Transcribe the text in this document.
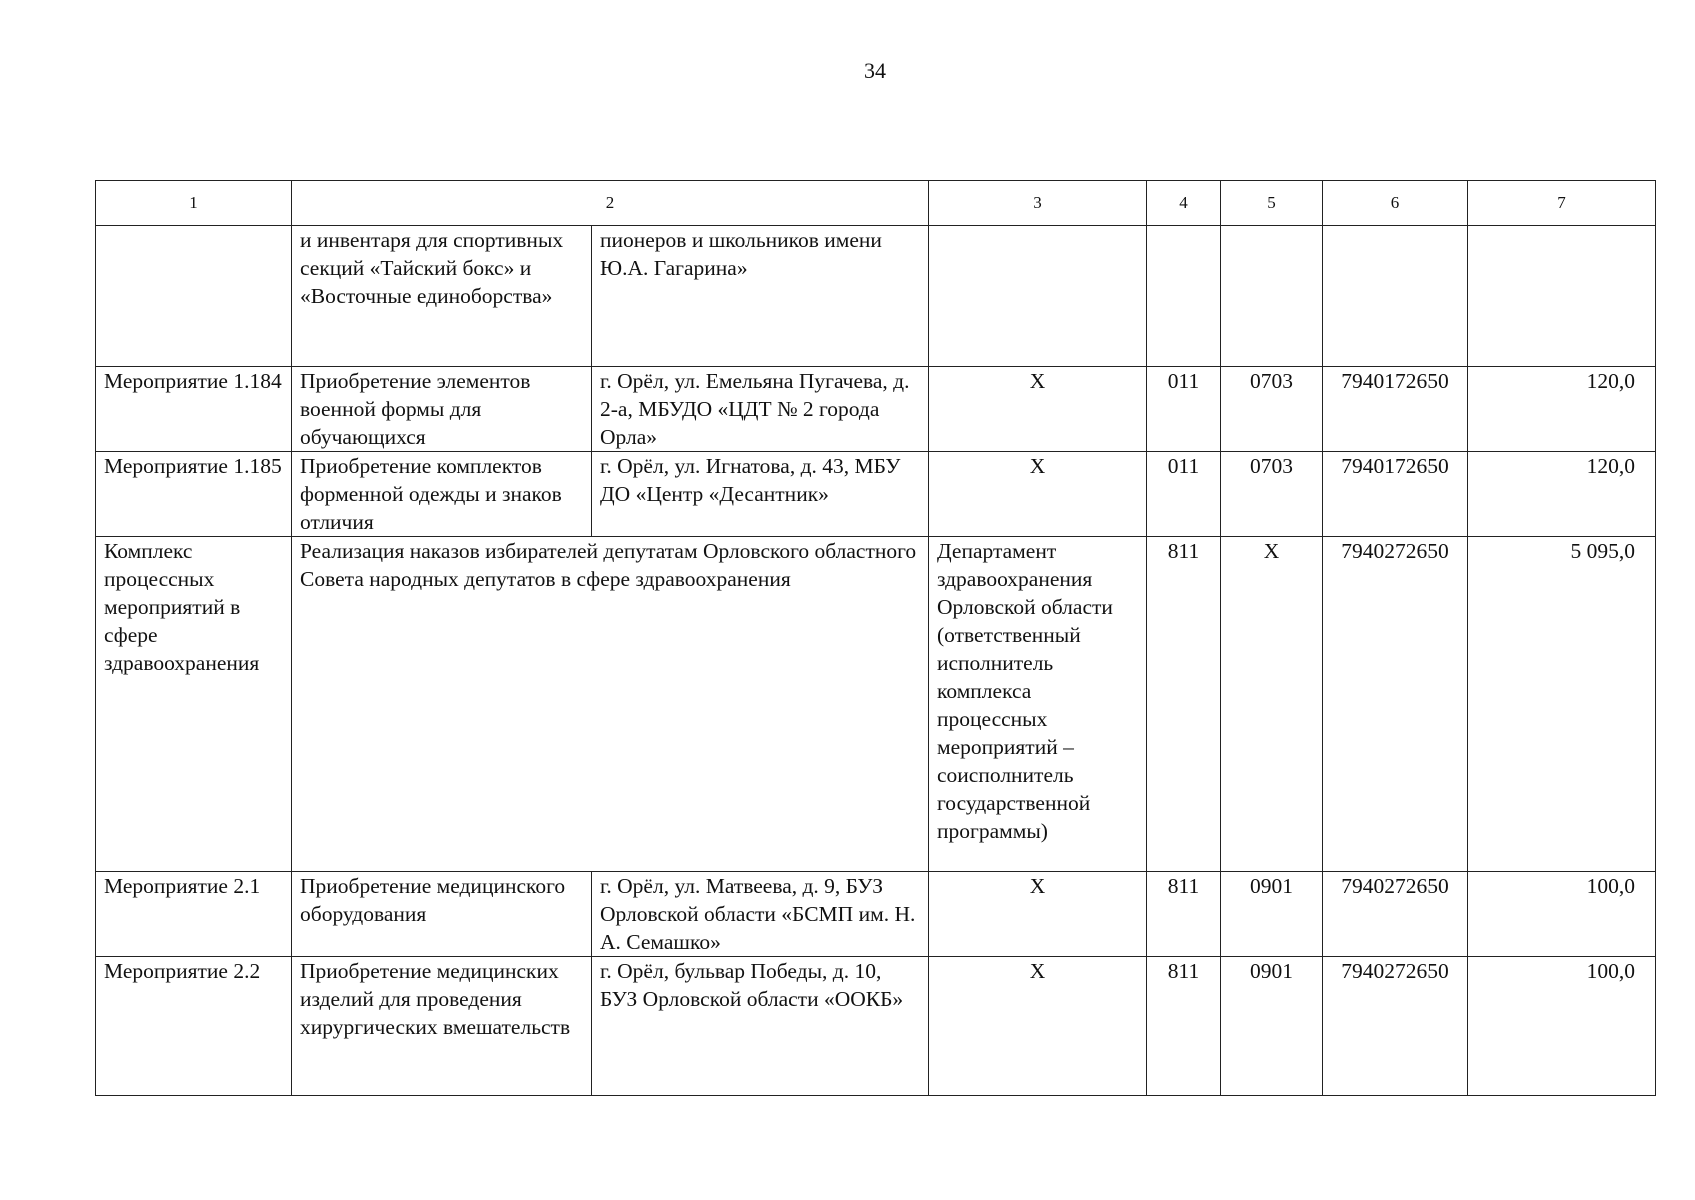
34
1	2		3	4	5	6	7
	и инвентаря для спортивных секций «Тайский бокс» и «Восточные единоборства»	пионеров и школьников имени Ю.А. Гагарина»					
Мероприятие 1.184	Приобретение элементов военной формы для обучающихся	г. Орёл, ул. Емельяна Пугачева, д. 2-а, МБУДО «ЦДТ № 2 города Орла»	Х	011	0703	7940172650	120,0
Мероприятие 1.185	Приобретение комплектов форменной одежды и знаков отличия	г. Орёл, ул. Игнатова, д. 43, МБУ ДО «Центр «Десантник»	Х	011	0703	7940172650	120,0
Комплекс процессных мероприятий в сфере здравоохранения	Реализация наказов избирателей депутатам Орловского областного Совета народных депутатов в сфере здравоохранения		Департамент здравоохранения Орловской области (ответственный исполнитель комплекса процессных мероприятий – соисполнитель государственной программы)	811	Х	7940272650	5 095,0
Мероприятие 2.1	Приобретение медицинского оборудования	г. Орёл, ул. Матвеева, д. 9, БУЗ Орловской области «БСМП им. Н. А. Семашко»	Х	811	0901	7940272650	100,0
Мероприятие 2.2	Приобретение медицинских изделий для проведения хирургических вмешательств	г. Орёл, бульвар Победы, д. 10, БУЗ Орловской области «ООКБ»	Х	811	0901	7940272650	100,0
